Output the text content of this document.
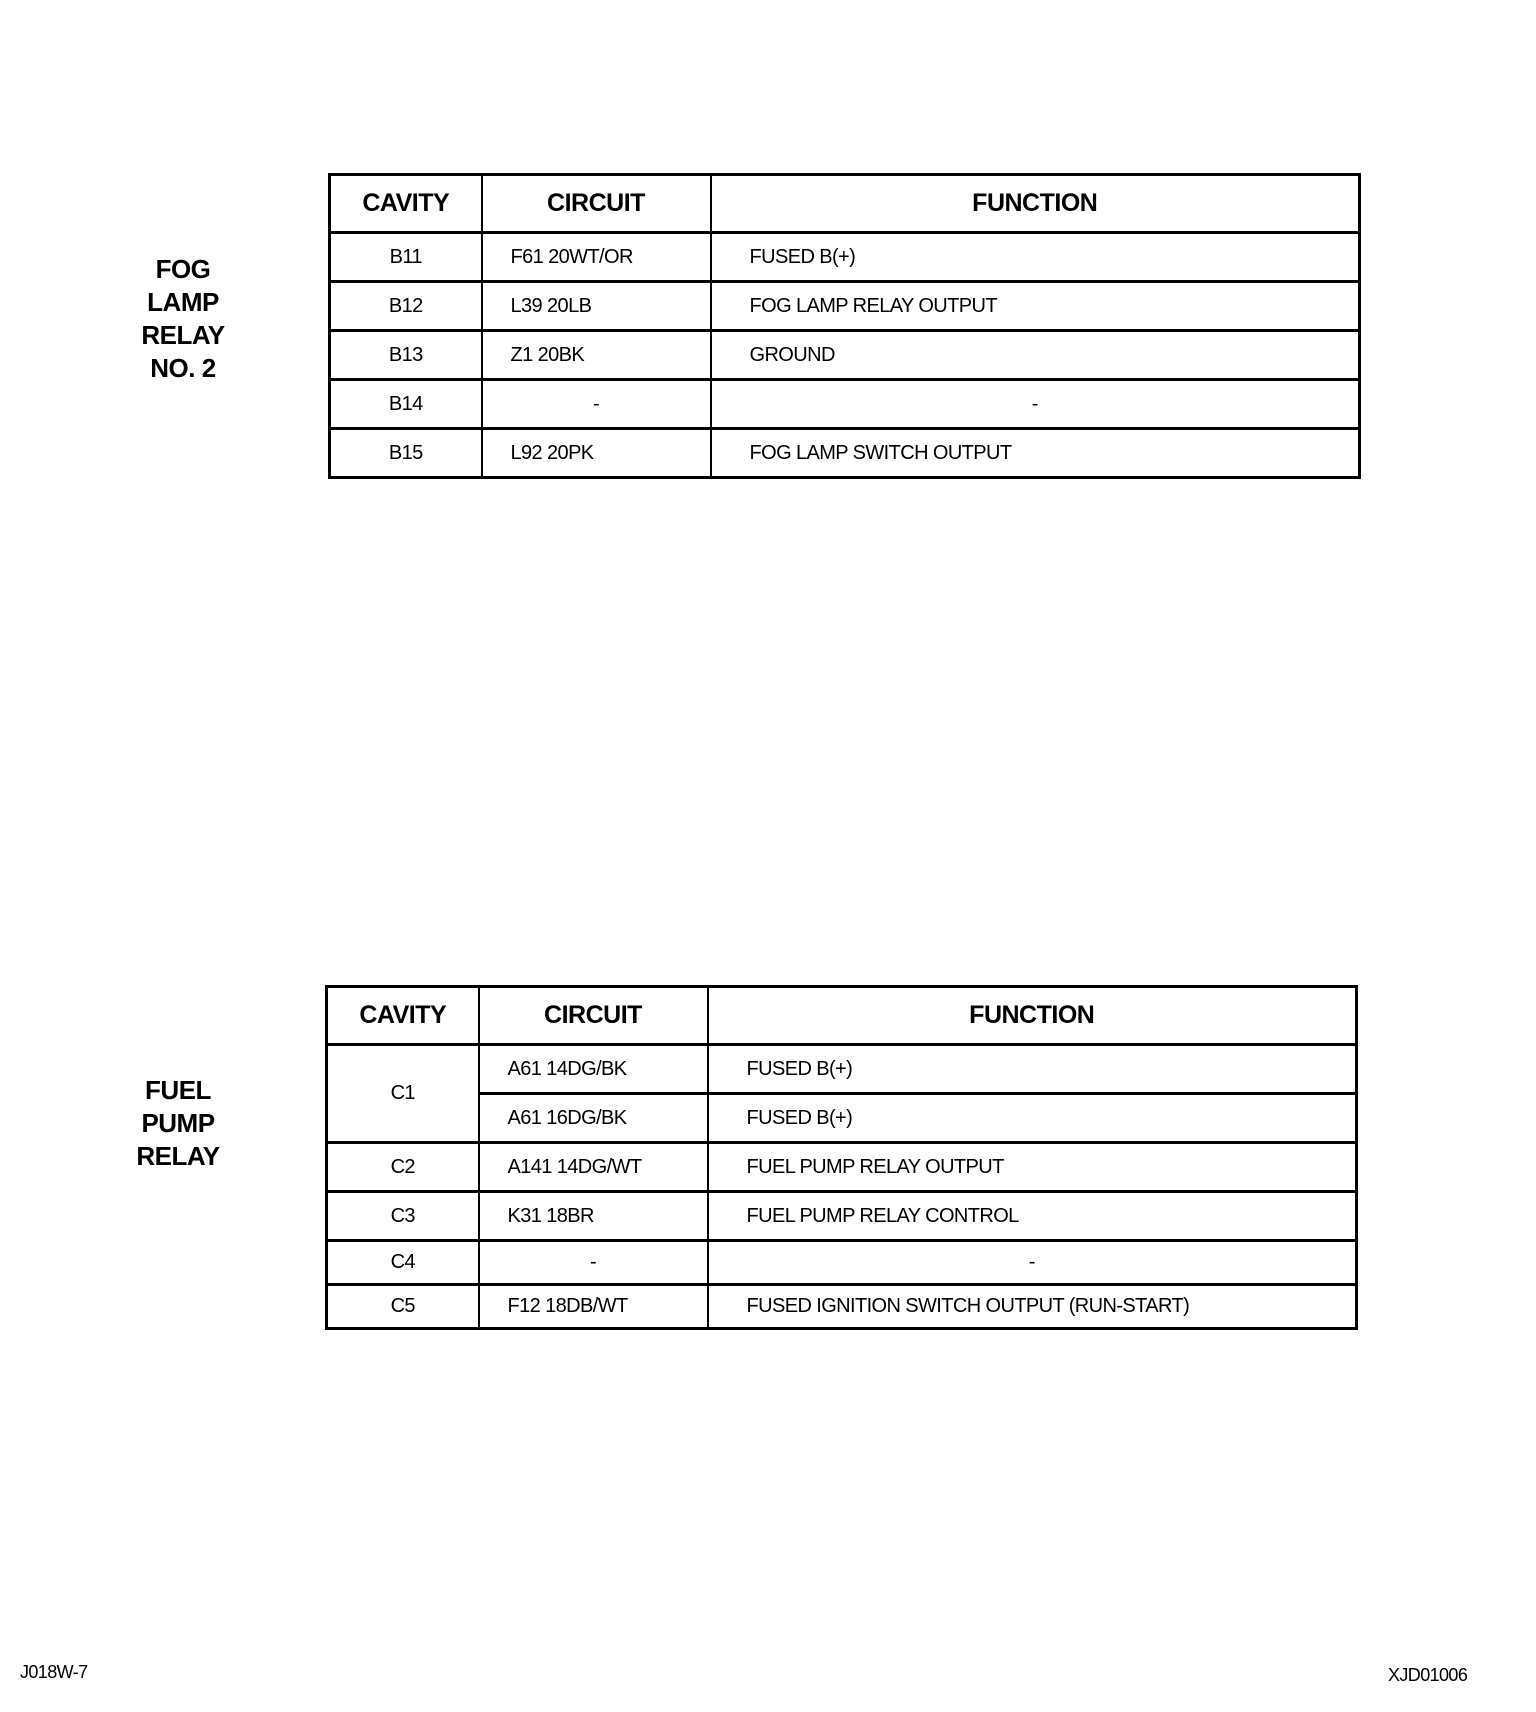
FOG
LAMP
RELAY
NO. 2
CAVITY	CIRCUIT	FUNCTION
B11	F61 20WT/OR	FUSED B(+)
B12	L39 20LB	FOG LAMP RELAY OUTPUT
B13	Z1 20BK	GROUND
B14	-	-
B15	L92 20PK	FOG LAMP SWITCH OUTPUT
FUEL
PUMP
RELAY
CAVITY	CIRCUIT	FUNCTION
C1	A61 14DG/BK	FUSED B(+)
	A61 16DG/BK	FUSED B(+)
C2	A141 14DG/WT	FUEL PUMP RELAY OUTPUT
C3	K31 18BR	FUEL PUMP RELAY CONTROL
C4	-	-
C5	F12 18DB/WT	FUSED IGNITION SWITCH OUTPUT (RUN-START)
J018W-7	XJD01006
